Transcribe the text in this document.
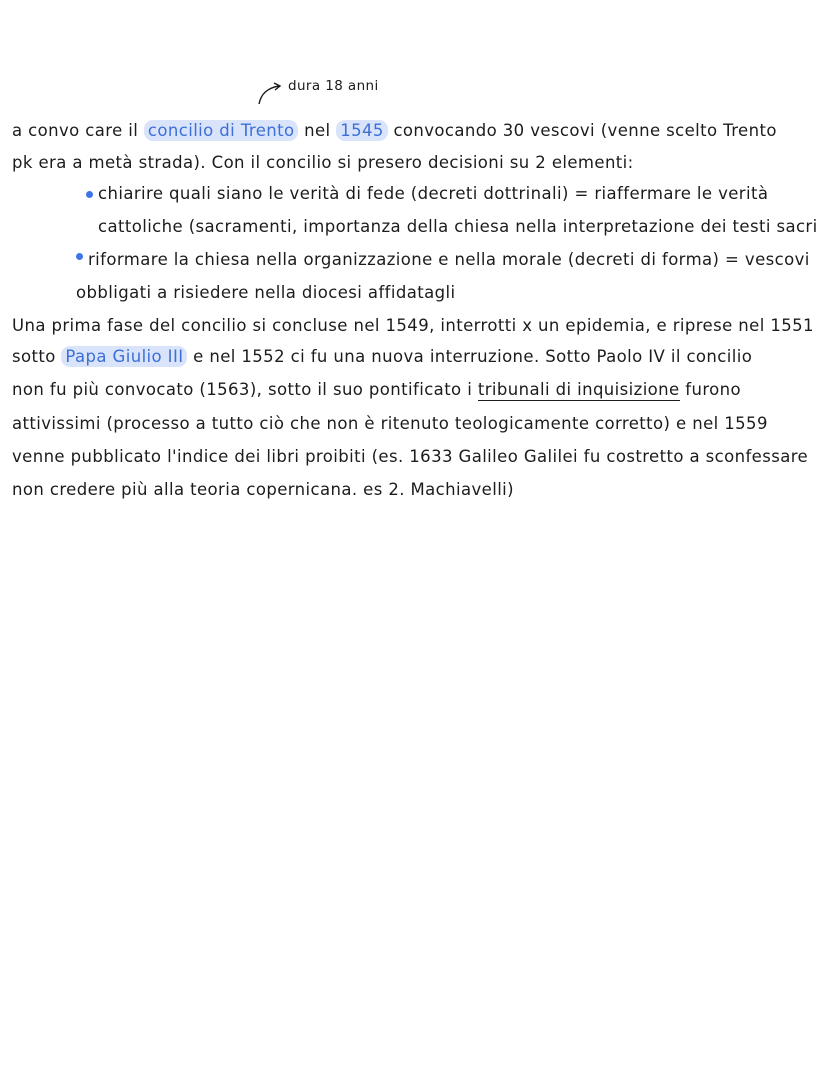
dura 18 anni
a convo care il concilio di Trento nel 1545 convocando 30 vescovi (venne scelto Trento
pk era a metà strada). Con il concilio si presero decisioni su 2 elementi:
chiarire quali siano le verità di fede (decreti dottrinali) = riaffermare le verità
cattoliche (sacramenti, importanza della chiesa nella interpretazione dei testi sacri
riformare la chiesa nella organizzazione e nella morale (decreti di forma) = vescovi
obbligati a risiedere nella diocesi affidatagli
Una prima fase del concilio si concluse nel 1549, interrotti x un epidemia, e riprese nel 1551
sotto Papa Giulio III e nel 1552 ci fu una nuova interruzione. Sotto Paolo IV il concilio
non fu più convocato (1563), sotto il suo pontificato i tribunali di inquisizione furono
attivissimi (processo a tutto ciò che non è ritenuto teologicamente corretto) e nel 1559
venne pubblicato l'indice dei libri proibiti (es. 1633 Galileo Galilei fu costretto a sconfessare
non credere più alla teoria copernicana. es 2. Machiavelli)
